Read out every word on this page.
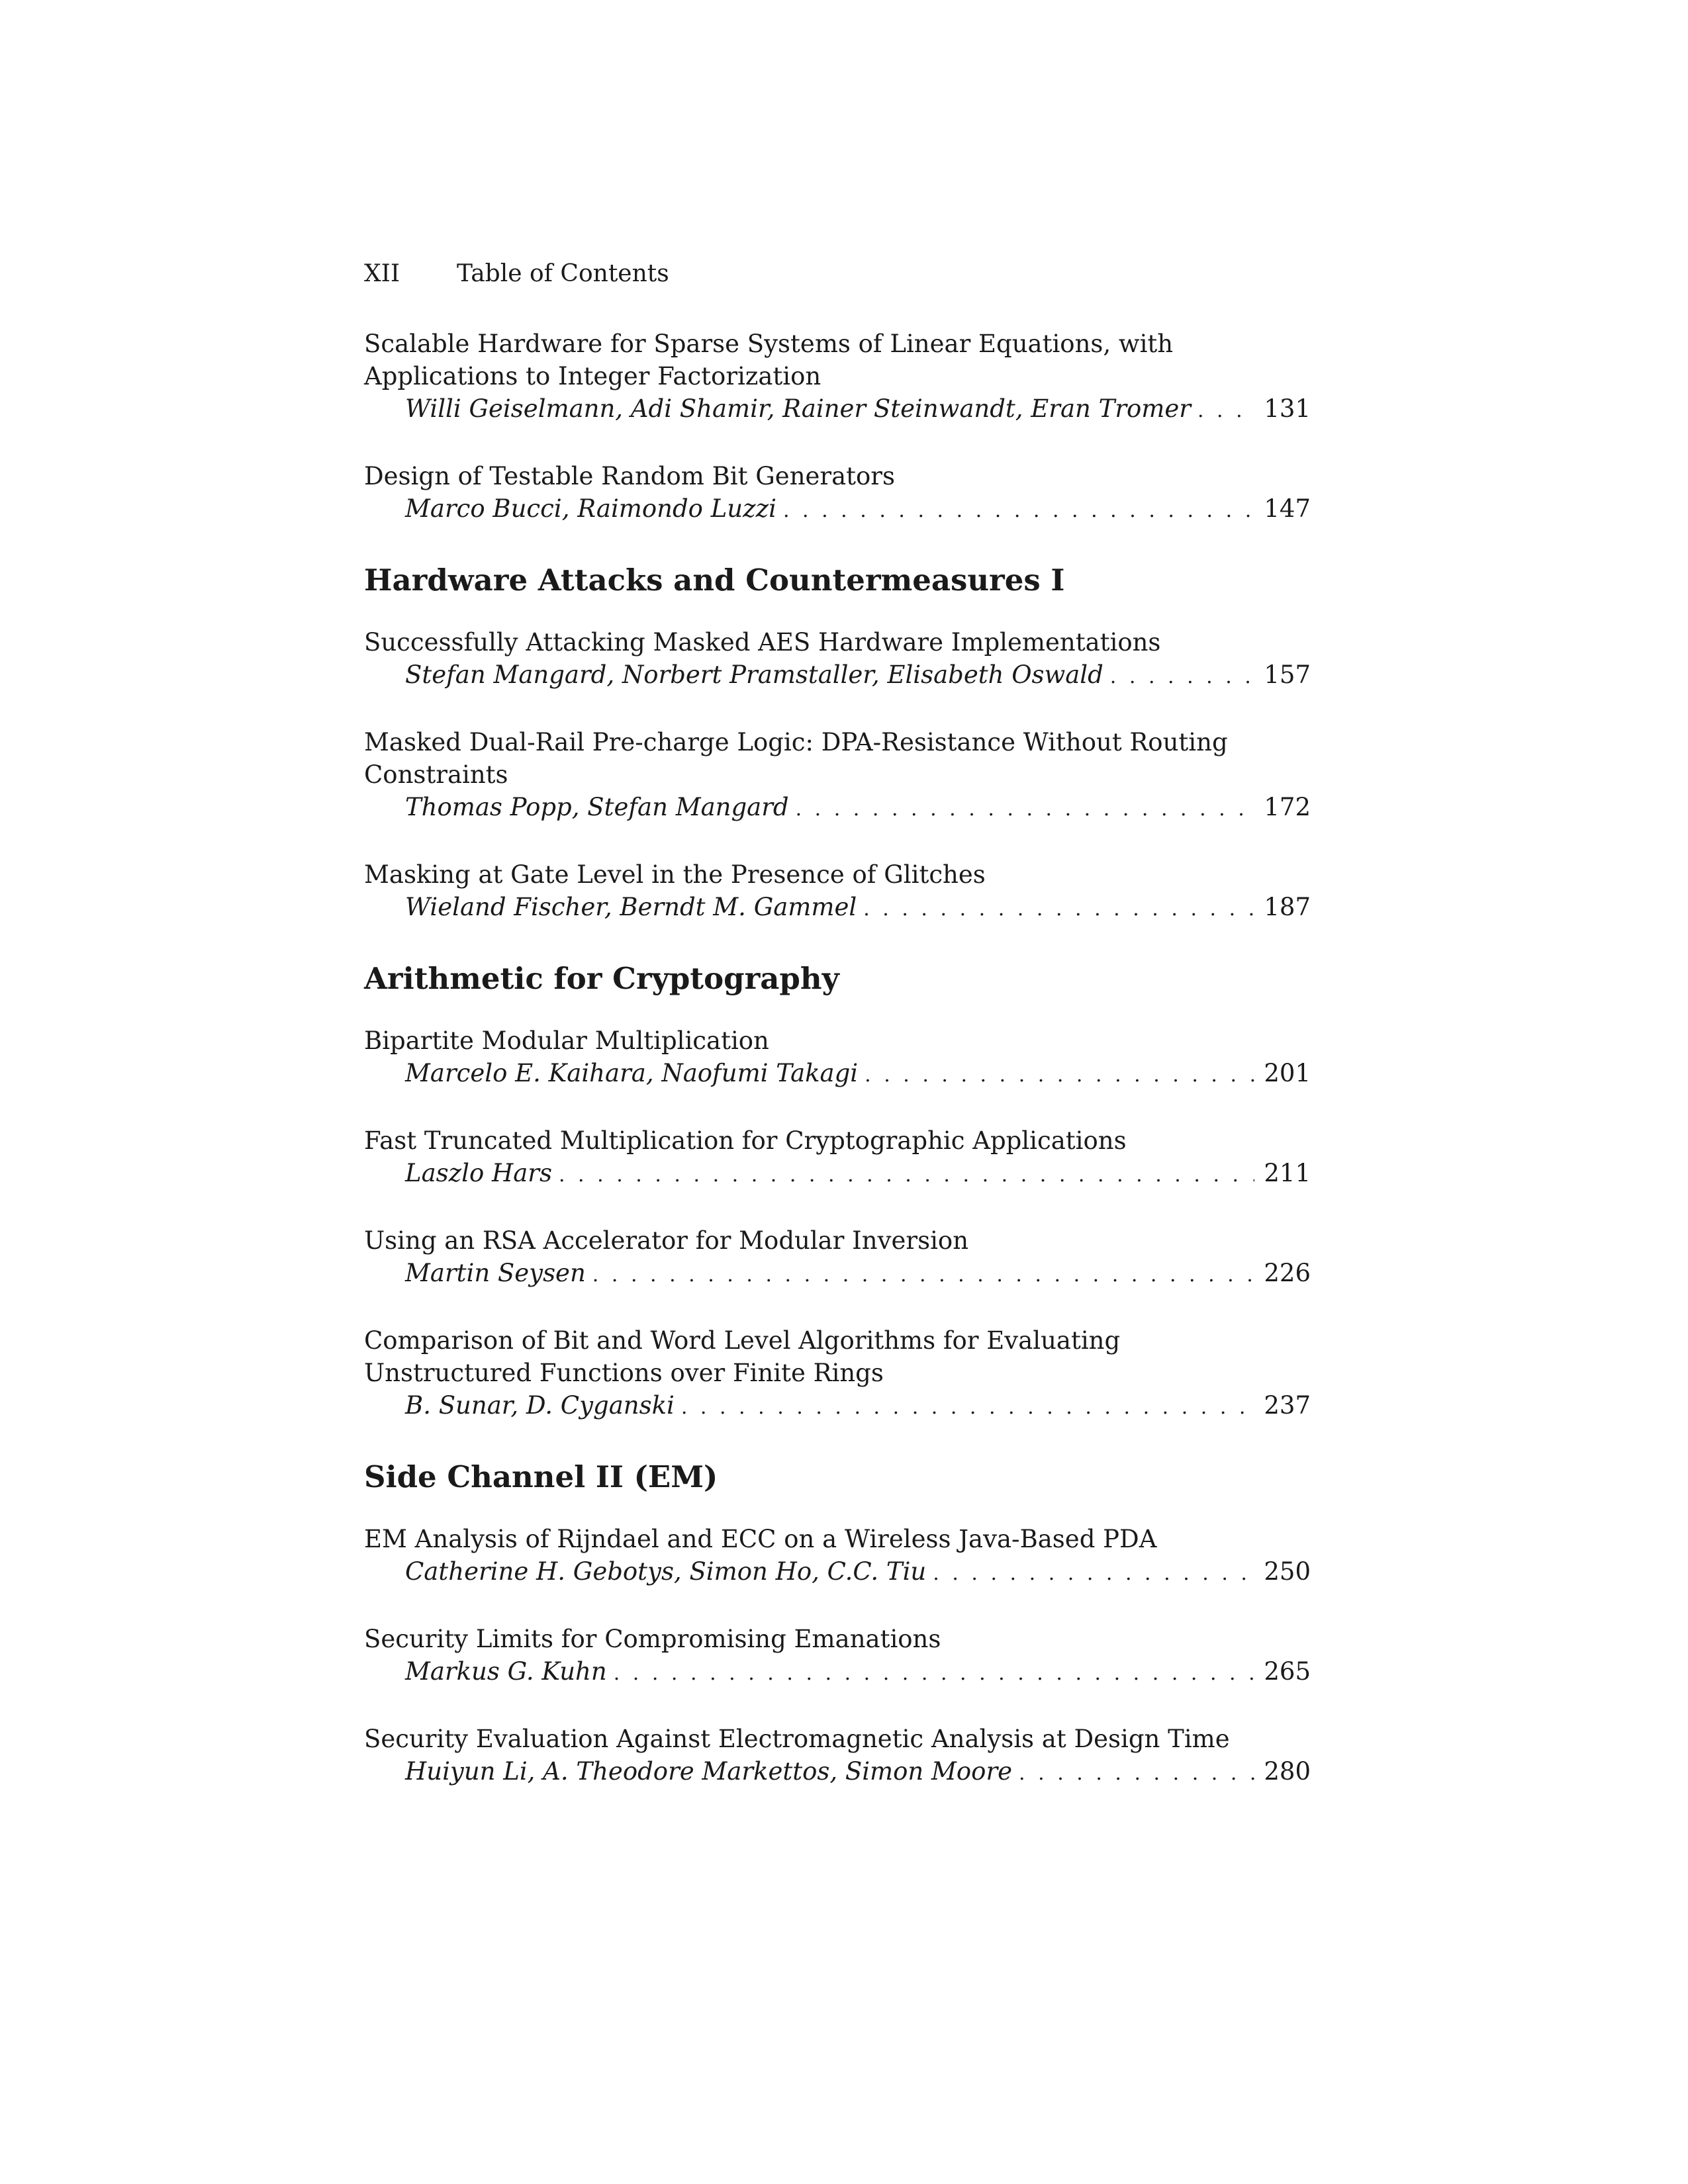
XII Table of Contents
Scalable Hardware for Sparse Systems of Linear Equations, with
Applications to Integer Factorization
Willi Geiselmann, Adi Shamir, Rainer Steinwandt, Eran Tromer . . .	131
Design of Testable Random Bit Generators
Marco Bucci, Raimondo Luzzi . . .	147
Hardware Attacks and Countermeasures I
Successfully Attacking Masked AES Hardware Implementations
Stefan Mangard, Norbert Pramstaller, Elisabeth Oswald . . .	157
Masked Dual-Rail Pre-charge Logic: DPA-Resistance Without Routing
Constraints
Thomas Popp, Stefan Mangard . . .	172
Masking at Gate Level in the Presence of Glitches
Wieland Fischer, Berndt M. Gammel . . .	187
Arithmetic for Cryptography
Bipartite Modular Multiplication
Marcelo E. Kaihara, Naofumi Takagi . . .	201
Fast Truncated Multiplication for Cryptographic Applications
Laszlo Hars . . .	211
Using an RSA Accelerator for Modular Inversion
Martin Seysen . . .	226
Comparison of Bit and Word Level Algorithms for Evaluating
Unstructured Functions over Finite Rings
B. Sunar, D. Cyganski . . .	237
Side Channel II (EM)
EM Analysis of Rijndael and ECC on a Wireless Java-Based PDA
Catherine H. Gebotys, Simon Ho, C.C. Tiu . . .	250
Security Limits for Compromising Emanations
Markus G. Kuhn . . .	265
Security Evaluation Against Electromagnetic Analysis at Design Time
Huiyun Li, A. Theodore Markettos, Simon Moore . . .	280
